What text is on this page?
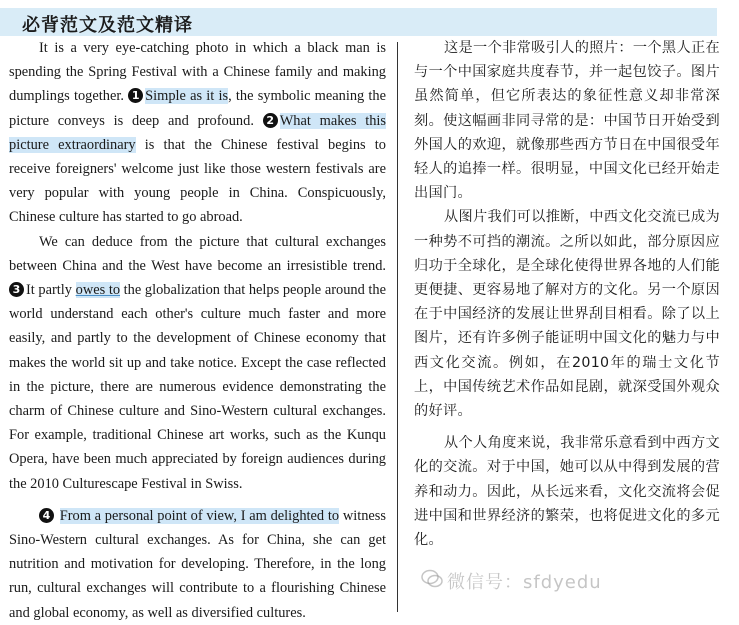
必背范文及范文精译

It is a very eye-catching photo in which a black man is spending the Spring Festival with a Chinese family and making dumplings together. 1 Simple as it is, the symbolic meaning the picture conveys is deep and profound. 2 What makes this picture extraordinary is that the Chinese festival begins to receive foreigners' welcome just like those western festivals are very popular with young people in China. Conspicuously, Chinese culture has started to go abroad.

We can deduce from the picture that cultural exchanges between China and the West have become an irresistible trend. 3 It partly owes to the globalization that helps people around the world understand each other's culture much faster and more easily, and partly to the development of Chinese economy that makes the world sit up and take notice. Except the case reflected in the picture, there are numerous evidence demonstrating the charm of Chinese culture and Sino-Western cultural exchanges. For example, traditional Chinese art works, such as the Kunqu Opera, have been much appreciated by foreign audiences during the 2010 Culturescape Festival in Swiss.

4 From a personal point of view, I am delighted to witness Sino-Western cultural exchanges. As for China, she can get nutrition and motivation for developing. Therefore, in the long run, cultural exchanges will contribute to a flourishing Chinese and global economy, as well as diversified cultures.

这是一个非常吸引人的照片：一个黑人正在与一个中国家庭共度春节，并一起包饺子。图片虽然简单，但它所表达的象征性意义却非常深刻。使这幅画非同寻常的是：中国节日开始受到外国人的欢迎，就像那些西方节日在中国很受年轻人的追捧一样。很明显，中国文化已经开始走出国门。

从图片我们可以推断，中西文化交流已成为一种势不可挡的潮流。之所以如此，部分原因应归功于全球化，是全球化使得世界各地的人们能更便捷、更容易地了解对方的文化。另一个原因在于中国经济的发展让世界刮目相看。除了以上图片，还有许多例子能证明中国文化的魅力与中西文化交流。例如，在2010年的瑞士文化节上，中国传统艺术作品如昆剧，就深受国外观众的好评。

从个人角度来说，我非常乐意看到中西方文化的交流。对于中国，她可以从中得到发展的营养和动力。因此，从长远来看，文化交流将会促进中国和世界经济的繁荣，也将促进文化的多元化。

微信号：sfdyedu
